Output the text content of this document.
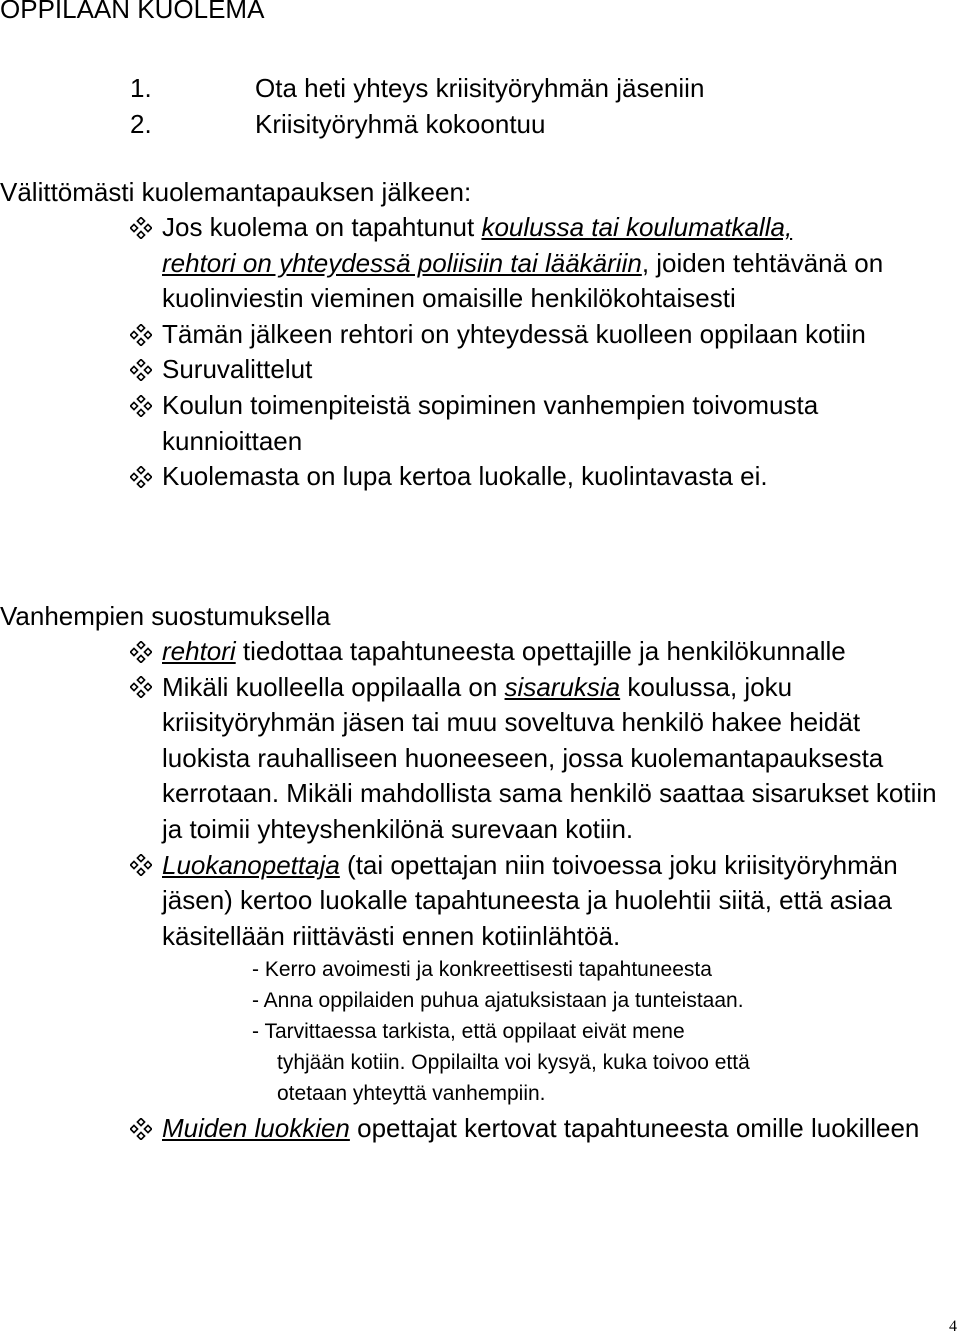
OPPILAAN KUOLEMA
1.	Ota heti yhteys kriisityöryhmän jäseniin
2.	Kriisityöryhmä kokoontuu
Välittömästi kuolemantapauksen jälkeen:
Jos kuolema on tapahtunut koulussa tai koulumatkalla,
rehtori on yhteydessä poliisiin tai lääkäriin, joiden tehtävänä on kuolinviestin vieminen omaisille henkilökohtaisesti
Tämän jälkeen rehtori on yhteydessä kuolleen oppilaan kotiin
Suruvalittelut
Koulun toimenpiteistä sopiminen vanhempien toivomusta kunnioittaen
Kuolemasta on lupa kertoa luokalle, kuolintavasta ei.
Vanhempien suostumuksella
rehtori tiedottaa tapahtuneesta opettajille ja henkilökunnalle
Mikäli kuolleella oppilaalla on sisaruksia koulussa, joku kriisityöryhmän jäsen tai muu soveltuva henkilö hakee heidät luokista rauhalliseen huoneeseen, jossa kuolemantapauksesta kerrotaan. Mikäli mahdollista sama henkilö saattaa sisarukset kotiin ja toimii yhteyshenkilönä surevaan kotiin.
Luokanopettaja (tai opettajan niin toivoessa joku kriisityöryhmän jäsen) kertoo luokalle tapahtuneesta ja huolehtii siitä, että asiaa käsitellään riittävästi ennen kotiinlähtöä.
- Kerro avoimesti ja konkreettisesti tapahtuneesta
- Anna oppilaiden puhua ajatuksistaan ja tunteistaan.
- Tarvittaessa tarkista, että oppilaat eivät mene
tyhjään kotiin. Oppilailta voi kysyä, kuka toivoo että
otetaan yhteyttä vanhempiin.
Muiden luokkien opettajat kertovat tapahtuneesta omille luokilleen
4
